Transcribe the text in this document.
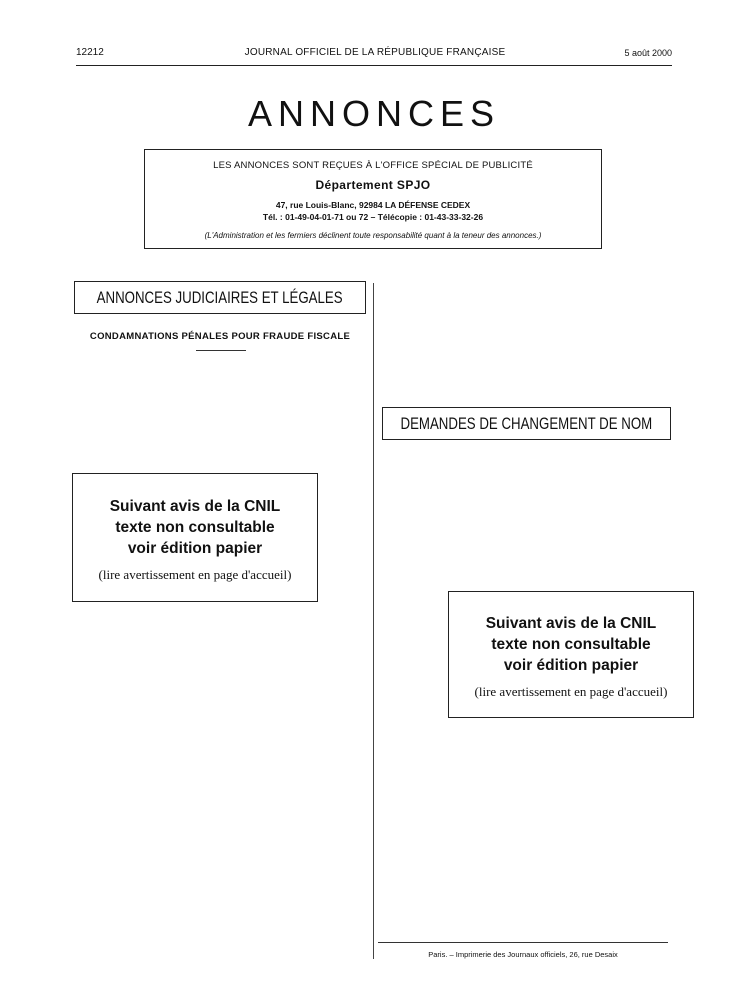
12212	JOURNAL OFFICIEL DE LA RÉPUBLIQUE FRANÇAISE	5 août 2000
ANNONCES
LES ANNONCES SONT REÇUES À L'OFFICE SPÉCIAL DE PUBLICITÉ
Département SPJO
47, rue Louis-Blanc, 92984 LA DÉFENSE CEDEX
Tél. : 01-49-04-01-71 ou 72 – Télécopie : 01-43-33-32-26
(L'Administration et les fermiers déclinent toute responsabilité quant à la teneur des annonces.)
ANNONCES JUDICIAIRES ET LÉGALES
CONDAMNATIONS PÉNALES POUR FRAUDE FISCALE
Suivant avis de la CNIL
texte non consultable
voir édition papier
(lire avertissement en page d'accueil)
DEMANDES DE CHANGEMENT DE NOM
Suivant avis de la CNIL
texte non consultable
voir édition papier
(lire avertissement en page d'accueil)
Paris. – Imprimerie des Journaux officiels, 26, rue Desaix
